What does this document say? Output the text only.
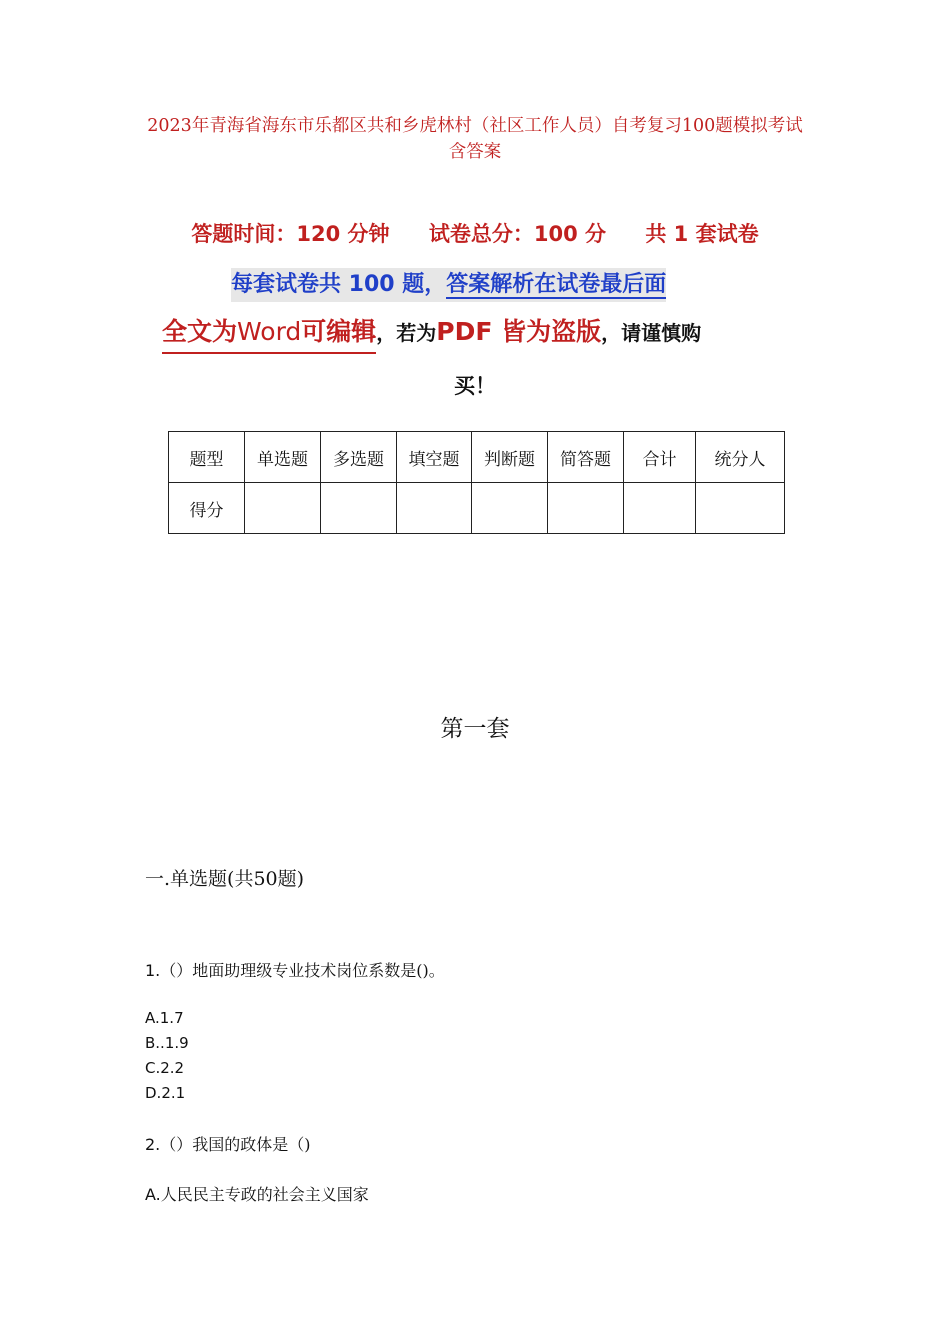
2023年青海省海东市乐都区共和乡虎林村（社区工作人员）自考复习100题模拟考试含答案
答题时间：120 分钟 试卷总分：100 分 共 1 套试卷
每套试卷共 100 题，答案解析在试卷最后面
全文为Word可编辑，若为PDF 皆为盗版，请谨慎购
买！
题型	单选题	多选题	填空题	判断题	简答题	合计	统分人
得分							
第一套
一.单选题(共50题)
1.（）地面助理级专业技术岗位系数是()。
A.1.7
B..1.9
C.2.2
D.2.1
2.（）我国的政体是（)
A.人民民主专政的社会主义国家
